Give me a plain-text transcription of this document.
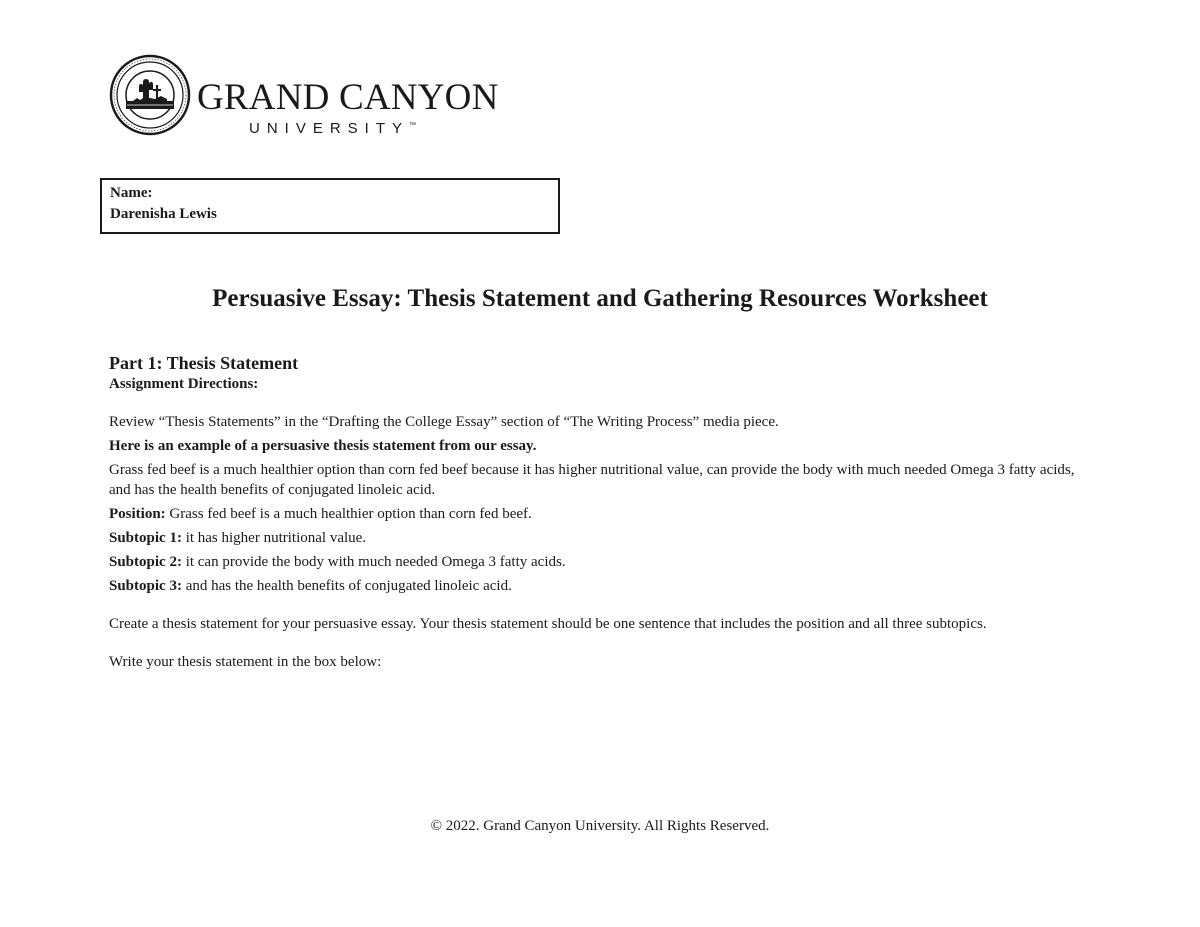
GRAND CANYON
UNIVERSITY™
Name:
Darenisha Lewis
Persuasive Essay: Thesis Statement and Gathering Resources Worksheet
Part 1: Thesis Statement
Assignment Directions:

Review “Thesis Statements” in the “Drafting the College Essay” section of “The Writing Process” media piece.

Here is an example of a persuasive thesis statement from our essay.

Grass fed beef is a much healthier option than corn fed beef because it has higher nutritional value, can provide the body with much needed Omega 3 fatty acids, and has the health benefits of conjugated linoleic acid.

Position: Grass fed beef is a much healthier option than corn fed beef.

Subtopic 1: it has higher nutritional value.

Subtopic 2: it can provide the body with much needed Omega 3 fatty acids.

Subtopic 3: and has the health benefits of conjugated linoleic acid.

Create a thesis statement for your persuasive essay. Your thesis statement should be one sentence that includes the position and all three subtopics.

Write your thesis statement in the box below:

© 2022. Grand Canyon University. All Rights Reserved.
